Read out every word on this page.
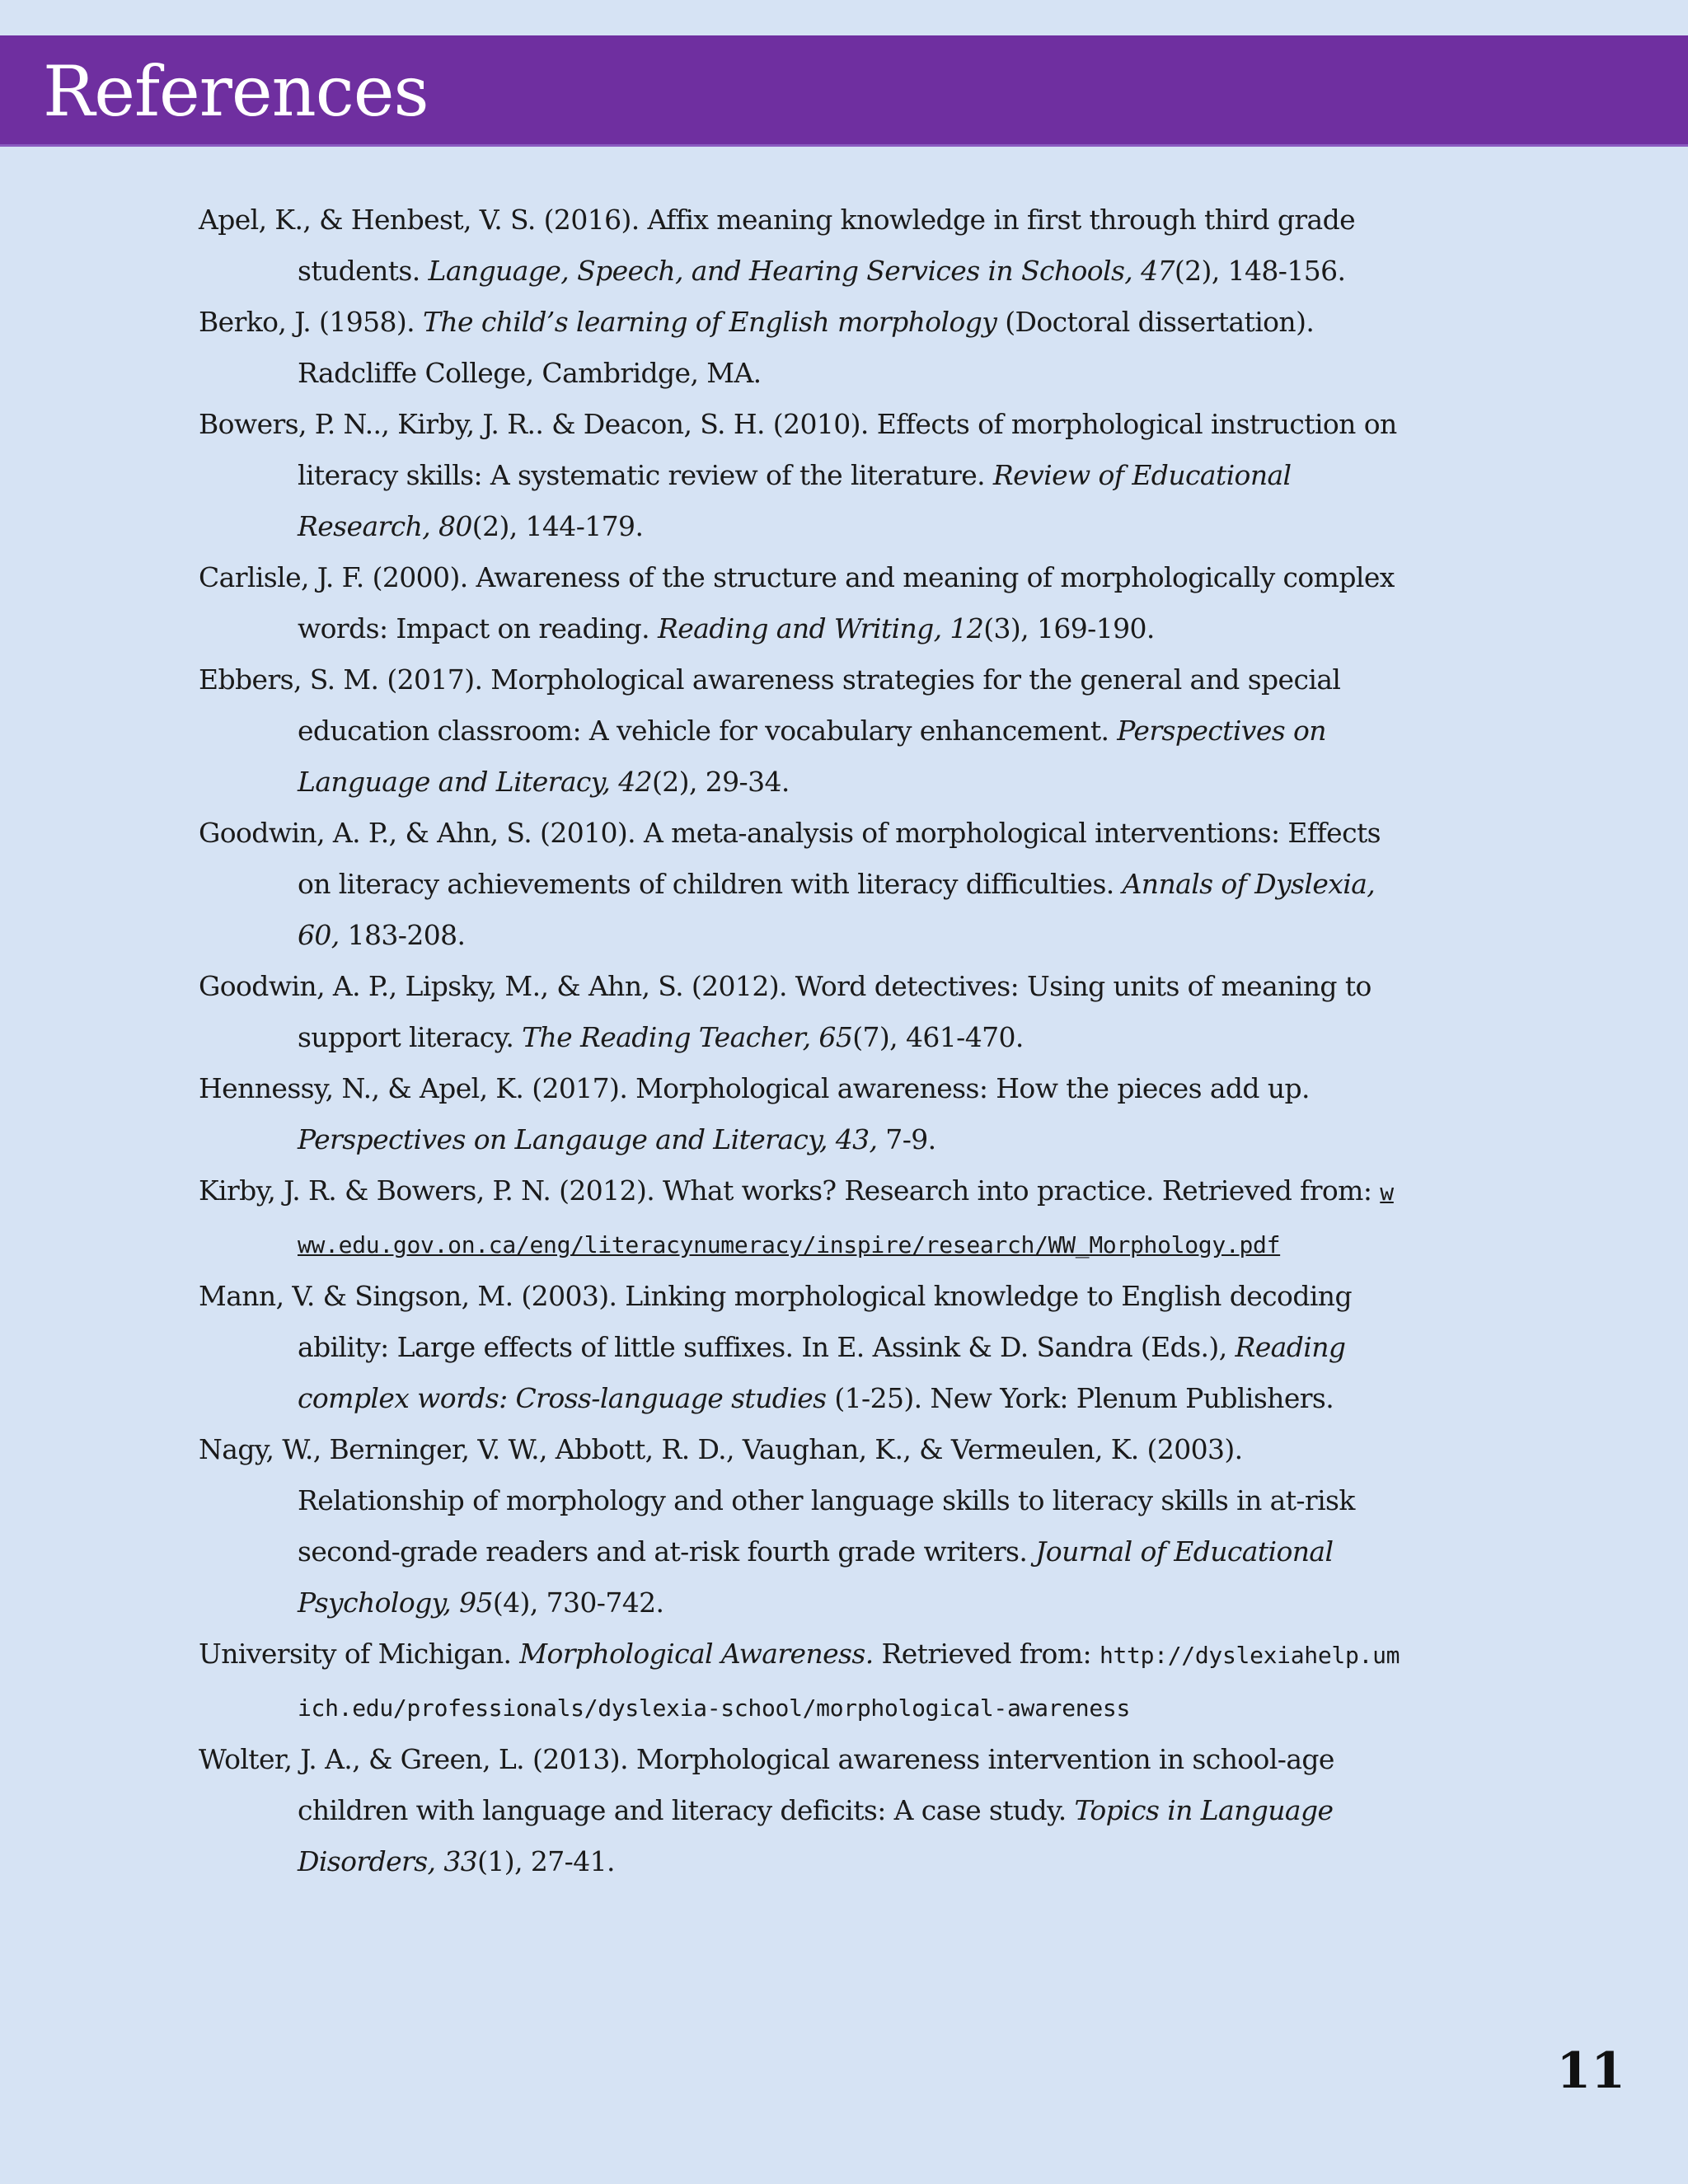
References
Apel, K., & Henbest, V. S. (2016). Affix meaning knowledge in first through third grade students. Language, Speech, and Hearing Services in Schools, 47(2), 148-156.
Berko, J. (1958). The child’s learning of English morphology (Doctoral dissertation). Radcliffe College, Cambridge, MA.
Bowers, P. N.., Kirby, J. R.. & Deacon, S. H. (2010). Effects of morphological instruction on literacy skills: A systematic review of the literature. Review of Educational Research, 80(2), 144-179.
Carlisle, J. F. (2000). Awareness of the structure and meaning of morphologically complex words: Impact on reading. Reading and Writing, 12(3), 169-190.
Ebbers, S. M. (2017). Morphological awareness strategies for the general and special education classroom: A vehicle for vocabulary enhancement. Perspectives on Language and Literacy, 42(2), 29-34.
Goodwin, A. P., & Ahn, S. (2010). A meta-analysis of morphological interventions: Effects on literacy achievements of children with literacy difficulties. Annals of Dyslexia, 60, 183-208.
Goodwin, A. P., Lipsky, M., & Ahn, S. (2012). Word detectives: Using units of meaning to support literacy. The Reading Teacher, 65(7), 461-470.
Hennessy, N., & Apel, K. (2017). Morphological awareness: How the pieces add up. Perspectives on Langauge and Literacy, 43, 7-9.
Kirby, J. R. & Bowers, P. N. (2012). What works? Research into practice. Retrieved from: www.edu.gov.on.ca/eng/literacynumeracy/inspire/research/WW_Morphology.pdf
Mann, V. & Singson, M. (2003). Linking morphological knowledge to English decoding ability: Large effects of little suffixes. In E. Assink & D. Sandra (Eds.), Reading complex words: Cross-language studies (1-25). New York: Plenum Publishers.
Nagy, W., Berninger, V. W., Abbott, R. D., Vaughan, K., & Vermeulen, K. (2003). Relationship of morphology and other language skills to literacy skills in at-risk second-grade readers and at-risk fourth grade writers. Journal of Educational Psychology, 95(4), 730-742.
University of Michigan. Morphological Awareness. Retrieved from: http://dyslexiahelp.umich.edu/professionals/dyslexia-school/morphological-awareness
Wolter, J. A., & Green, L. (2013). Morphological awareness intervention in school-age children with language and literacy deficits: A case study. Topics in Language Disorders, 33(1), 27-41.
11
